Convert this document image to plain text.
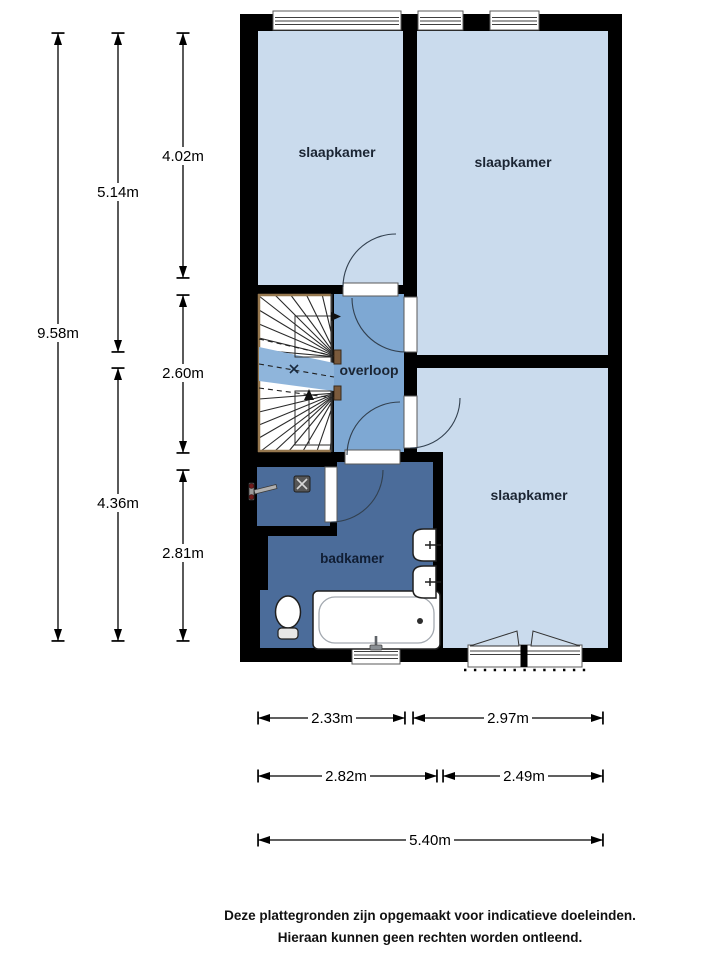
slaapkamer
slaapkamer
slaapkamer
overloop
badkamer
9.58m
5.14m
4.36m
4.02m
2.60m
2.81m
2.33m	2.97m
2.82m	2.49m
5.40m
Deze plattegronden zijn opgemaakt voor indicatieve doeleinden.
Hieraan kunnen geen rechten worden ontleend.
